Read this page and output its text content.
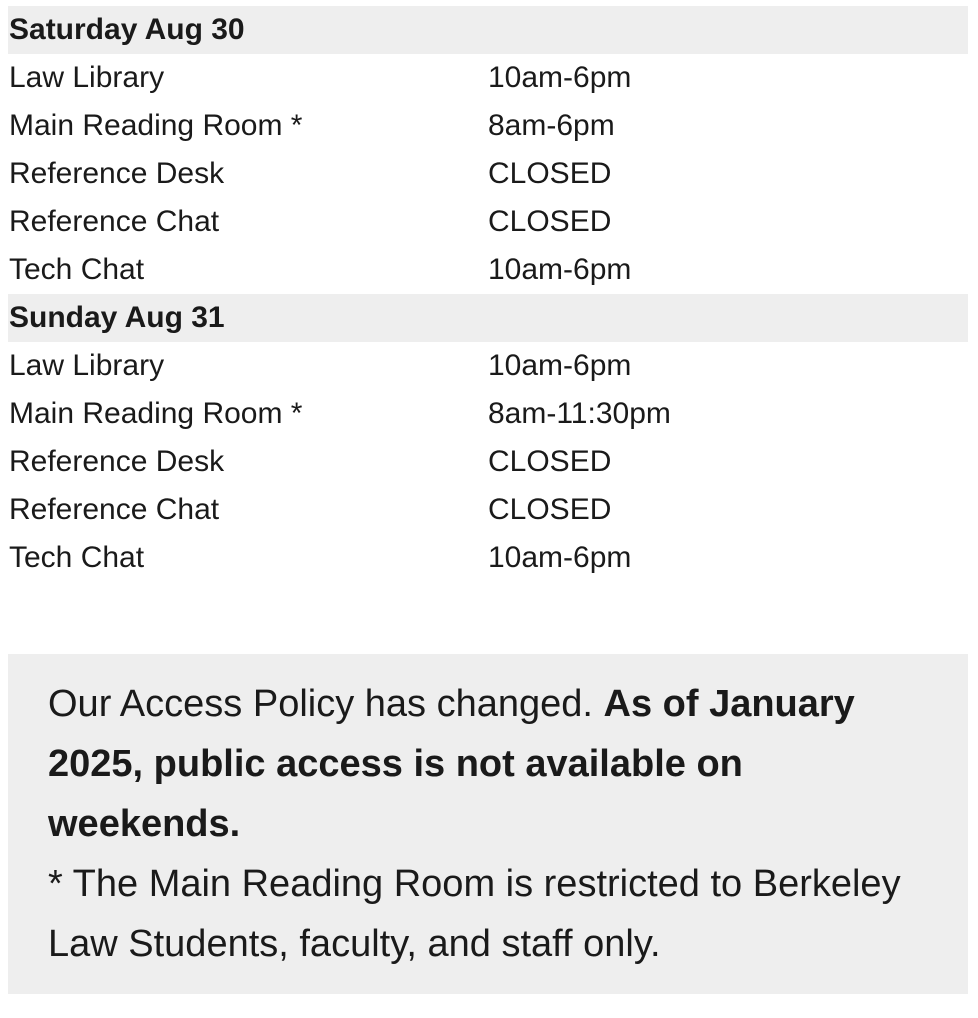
Saturday Aug 30
Law Library	10am-6pm
Main Reading Room *	8am-6pm
Reference Desk	CLOSED
Reference Chat	CLOSED
Tech Chat	10am-6pm
Sunday Aug 31
Law Library	10am-6pm
Main Reading Room *	8am-11:30pm
Reference Desk	CLOSED
Reference Chat	CLOSED
Tech Chat	10am-6pm

Our Access Policy has changed. As of January 2025, public access is not available on weekends.

* The Main Reading Room is restricted to Berkeley Law Students, faculty, and staff only.
